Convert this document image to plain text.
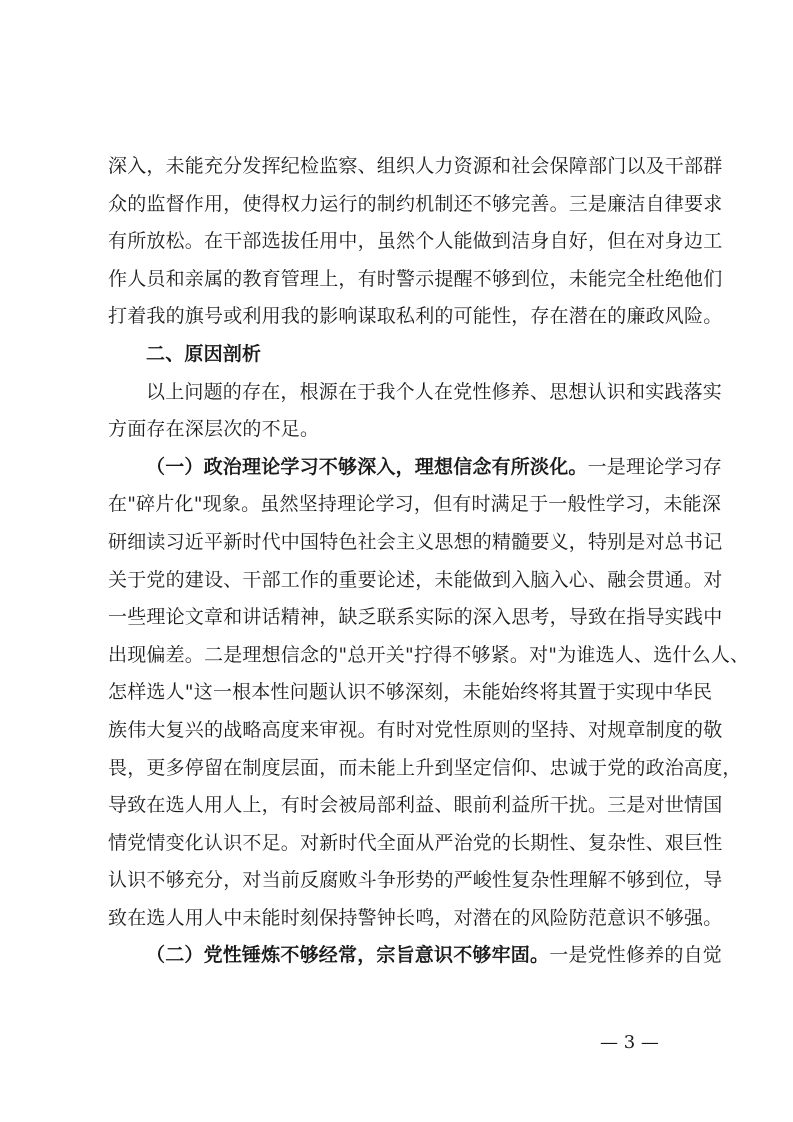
深入，未能充分发挥纪检监察、组织人力资源和社会保障部门以及干部群
众的监督作用，使得权力运行的制约机制还不够完善。三是廉洁自律要求
有所放松。在干部选拔任用中，虽然个人能做到洁身自好，但在对身边工
作人员和亲属的教育管理上，有时警示提醒不够到位，未能完全杜绝他们
打着我的旗号或利用我的影响谋取私利的可能性，存在潜在的廉政风险。
二、原因剖析
以上问题的存在，根源在于我个人在党性修养、思想认识和实践落实
方面存在深层次的不足。
（一）政治理论学习不够深入，理想信念有所淡化。一是理论学习存
在"碎片化"现象。虽然坚持理论学习，但有时满足于一般性学习，未能深
研细读习近平新时代中国特色社会主义思想的精髓要义，特别是对总书记
关于党的建设、干部工作的重要论述，未能做到入脑入心、融会贯通。对
一些理论文章和讲话精神，缺乏联系实际的深入思考，导致在指导实践中
出现偏差。二是理想信念的"总开关"拧得不够紧。对"为谁选人、选什么人、
怎样选人"这一根本性问题认识不够深刻，未能始终将其置于实现中华民
族伟大复兴的战略高度来审视。有时对党性原则的坚持、对规章制度的敬
畏，更多停留在制度层面，而未能上升到坚定信仰、忠诚于党的政治高度，
导致在选人用人上，有时会被局部利益、眼前利益所干扰。三是对世情国
情党情变化认识不足。对新时代全面从严治党的长期性、复杂性、艰巨性
认识不够充分，对当前反腐败斗争形势的严峻性复杂性理解不够到位，导
致在选人用人中未能时刻保持警钟长鸣，对潜在的风险防范意识不够强。
（二）党性锤炼不够经常，宗旨意识不够牢固。一是党性修养的自觉
— 3 —
